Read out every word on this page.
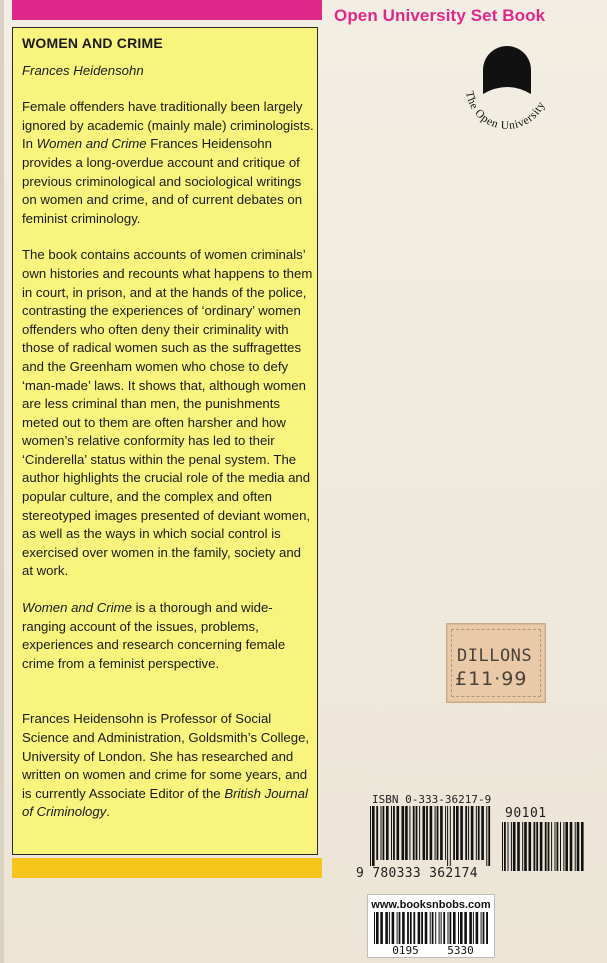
WOMEN AND CRIME
Frances Heidensohn

Female offenders have traditionally been largely ignored by academic (mainly male) criminologists. In Women and Crime Frances Heidensohn provides a long-overdue account and critique of previous criminological and sociological writings on women and crime, and of current debates on feminist criminology.

The book contains accounts of women criminals’ own histories and recounts what happens to them in court, in prison, and at the hands of the police, contrasting the experiences of ‘ordinary’ women offenders who often deny their criminality with those of radical women such as the suffragettes and the Greenham women who chose to defy ‘man-made’ laws. It shows that, although women are less criminal than men, the punishments meted out to them are often harsher and how women’s relative conformity has led to their ‘Cinderella’ status within the penal system. The author highlights the crucial role of the media and popular culture, and the complex and often stereotyped images presented of deviant women, as well as the ways in which social control is exercised over women in the family, society and at work.

Women and Crime is a thorough and wide-ranging account of the issues, problems, experiences and research concerning female crime from a feminist perspective.

Frances Heidensohn is Professor of Social Science and Administration, Goldsmith’s College, University of London. She has researched and written on women and crime for some years, and is currently Associate Editor of the British Journal of Criminology.

Open University Set Book
The Open University
DILLONS
£11·99
ISBN 0-333-36217-9
9 780333 362174
90101
www.booksnbobs.com
0195	5330
